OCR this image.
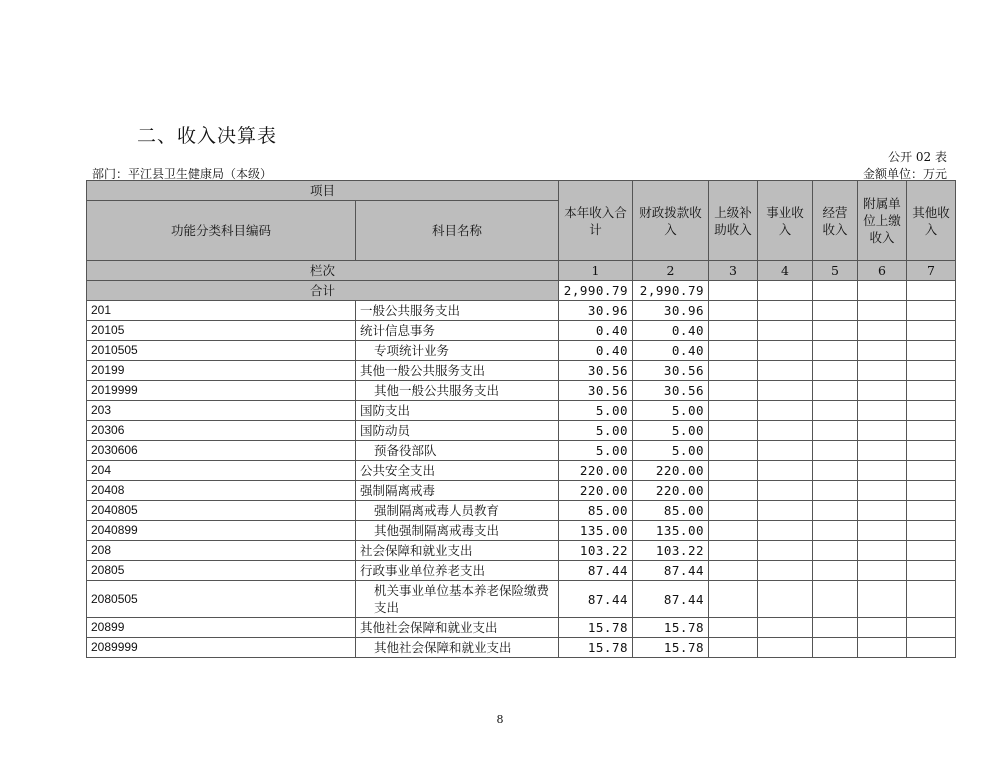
二、收入决算表
公开 02 表
部门：平江县卫生健康局（本级）	金额单位：万元
项目		本年收入合计	财政拨款收入	上级补助收入	事业收入	经营收入	附属单位上缴收入	其他收入
功能分类科目编码	科目名称							
栏次		1	2	3	4	5	6	7
合计		2,990.79	2,990.79					
201	一般公共服务支出	30.96	30.96					
20105	统计信息事务	0.40	0.40					
2010505	专项统计业务	0.40	0.40					
20199	其他一般公共服务支出	30.56	30.56					
2019999	其他一般公共服务支出	30.56	30.56					
203	国防支出	5.00	5.00					
20306	国防动员	5.00	5.00					
2030606	预备役部队	5.00	5.00					
204	公共安全支出	220.00	220.00					
20408	强制隔离戒毒	220.00	220.00					
2040805	强制隔离戒毒人员教育	85.00	85.00					
2040899	其他强制隔离戒毒支出	135.00	135.00					
208	社会保障和就业支出	103.22	103.22					
20805	行政事业单位养老支出	87.44	87.44					
2080505	机关事业单位基本养老保险缴费支出	87.44	87.44					
20899	其他社会保障和就业支出	15.78	15.78					
2089999	其他社会保障和就业支出	15.78	15.78					
8
